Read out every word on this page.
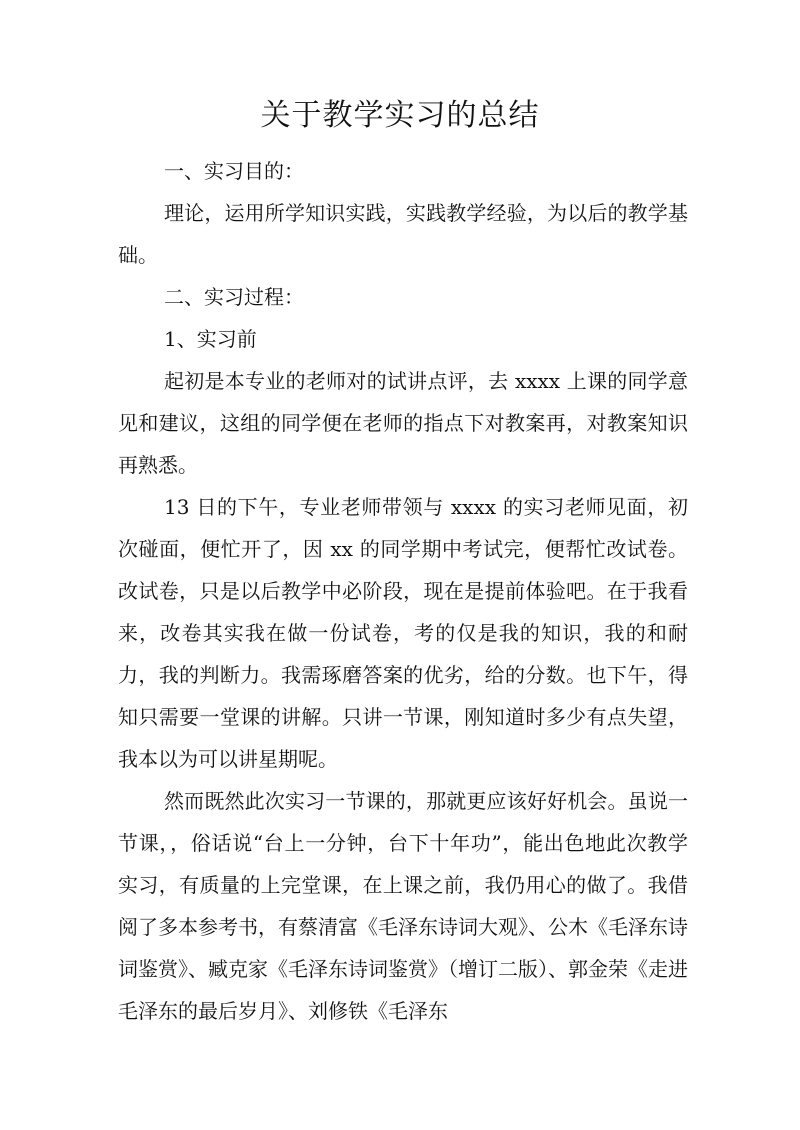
关于教学实习的总结

一、实习目的：

理论，运用所学知识实践，实践教学经验，为以后的教学基础。

二、实习过程：

1、实习前

起初是本专业的老师对的试讲点评，去 xxxx 上课的同学意见和建议，这组的同学便在老师的指点下对教案再，对教案知识再熟悉。

13 日的下午，专业老师带领与 xxxx 的实习老师见面，初次碰面，便忙开了，因 xx 的同学期中考试完，便帮忙改试卷。改试卷，只是以后教学中必阶段，现在是提前体验吧。在于我看来，改卷其实我在做一份试卷，考的仅是我的知识，我的和耐力，我的判断力。我需琢磨答案的优劣，给的分数。也下午，得知只需要一堂课的讲解。只讲一节课，刚知道时多少有点失望，我本以为可以讲星期呢。

然而既然此次实习一节课的，那就更应该好好机会。虽说一节课，，俗话说“台上一分钟，台下十年功”，能出色地此次教学实习，有质量的上完堂课，在上课之前，我仍用心的做了。我借阅了多本参考书，有蔡清富《毛泽东诗词大观》、公木《毛泽东诗词鉴赏》、臧克家《毛泽东诗词鉴赏》（增订二版）、郭金荣《走进毛泽东的最后岁月》、刘修铁《毛泽东
